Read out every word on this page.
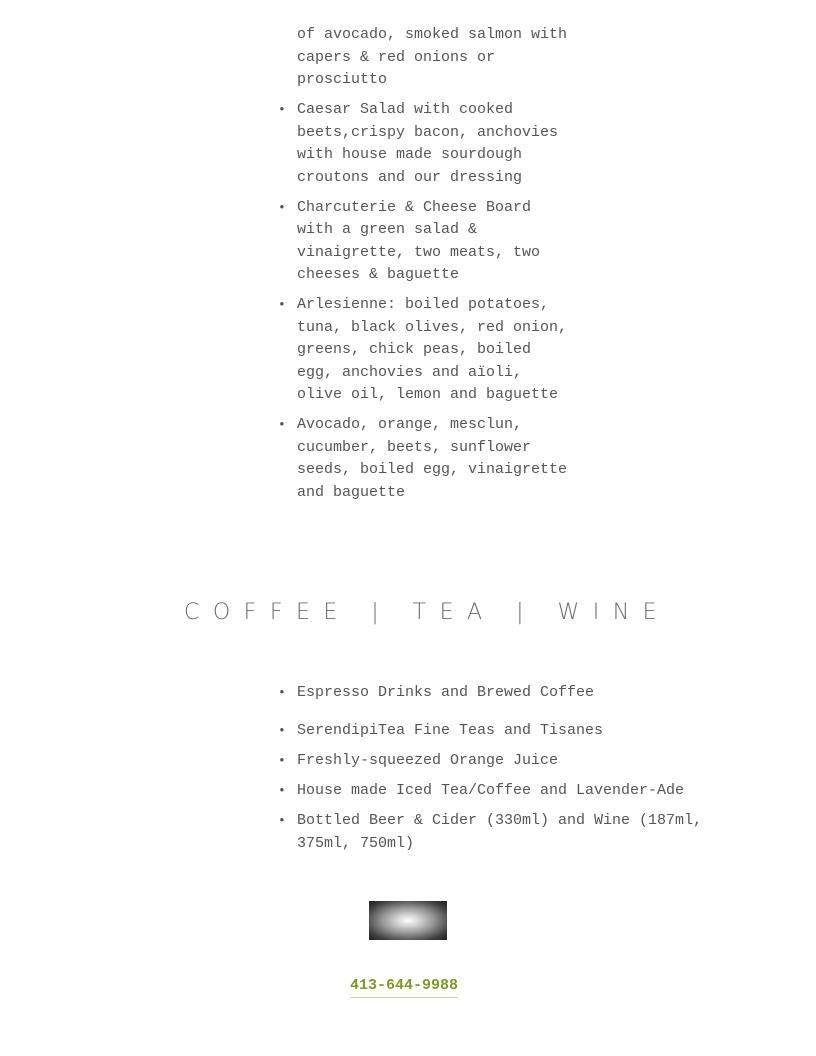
of avocado, smoked salmon with capers & red onions or prosciutto
• Caesar Salad with cooked beets,crispy bacon, anchovies with house made sourdough croutons and our dressing
• Charcuterie & Cheese Board with a green salad & vinaigrette, two meats, two cheeses & baguette
• Arlesienne: boiled potatoes, tuna, black olives, red onion, greens, chick peas, boiled egg, anchovies and aïoli, olive oil, lemon and baguette
• Avocado, orange, mesclun, cucumber, beets, sunflower seeds, boiled egg, vinaigrette and baguette
COFFEE | TEA | WINE
• Espresso Drinks and Brewed Coffee
• SerendipiTea Fine Teas and Tisanes
• Freshly-squeezed Orange Juice
• House made Iced Tea/Coffee and Lavender-Ade
• Bottled Beer & Cider (330ml) and Wine (187ml, 375ml, 750ml)
413-644-9988
